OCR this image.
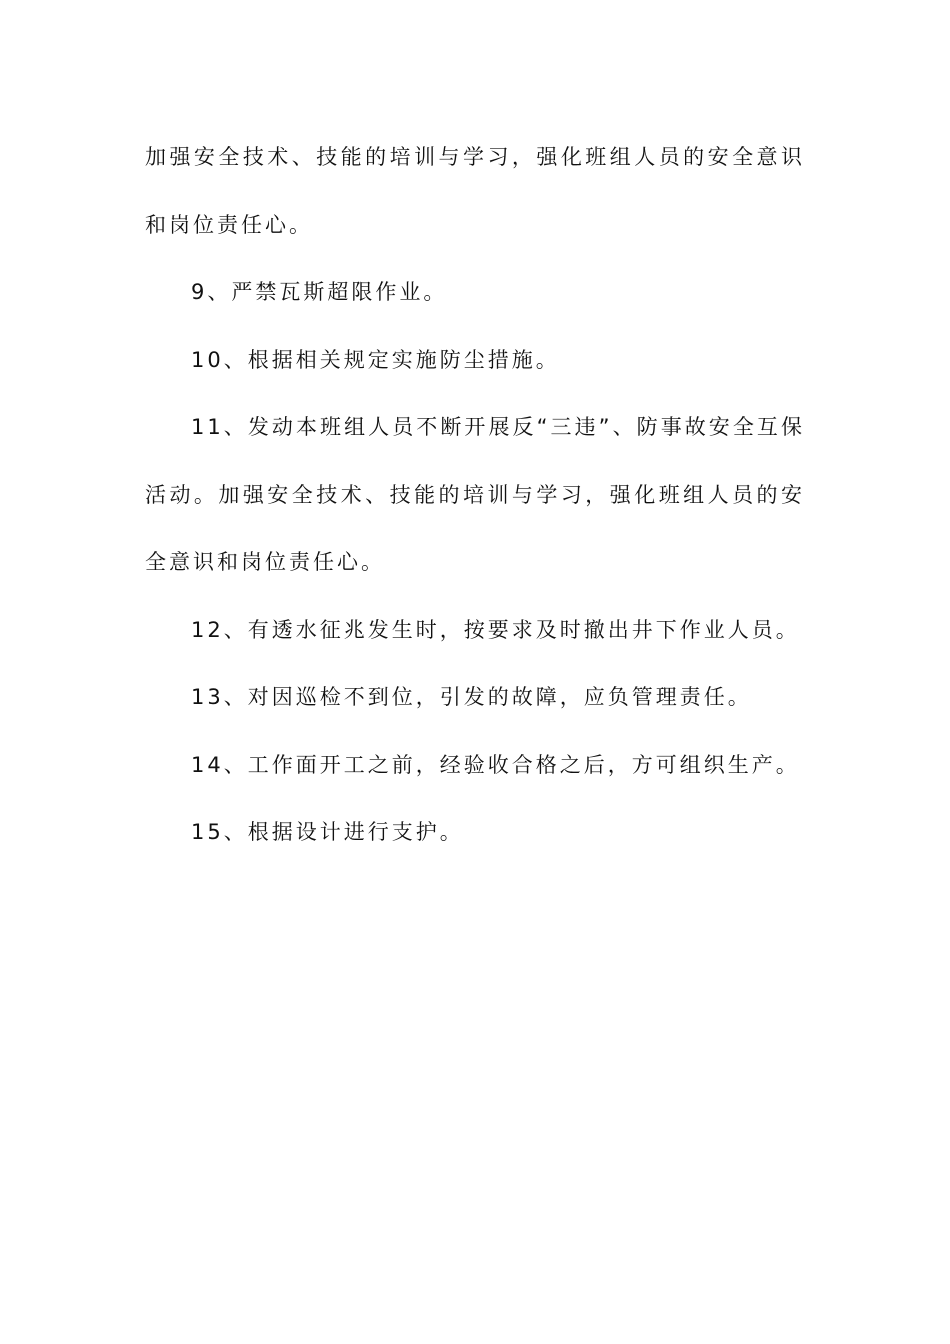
加强安全技术、技能的培训与学习，强化班组人员的安全意识和岗位责任心。

9、严禁瓦斯超限作业。

10、根据相关规定实施防尘措施。

11、发动本班组人员不断开展反“三违”、防事故安全互保活动。加强安全技术、技能的培训与学习，强化班组人员的安全意识和岗位责任心。

12、有透水征兆发生时，按要求及时撤出井下作业人员。

13、对因巡检不到位，引发的故障，应负管理责任。

14、工作面开工之前，经验收合格之后，方可组织生产。

15、根据设计进行支护。
